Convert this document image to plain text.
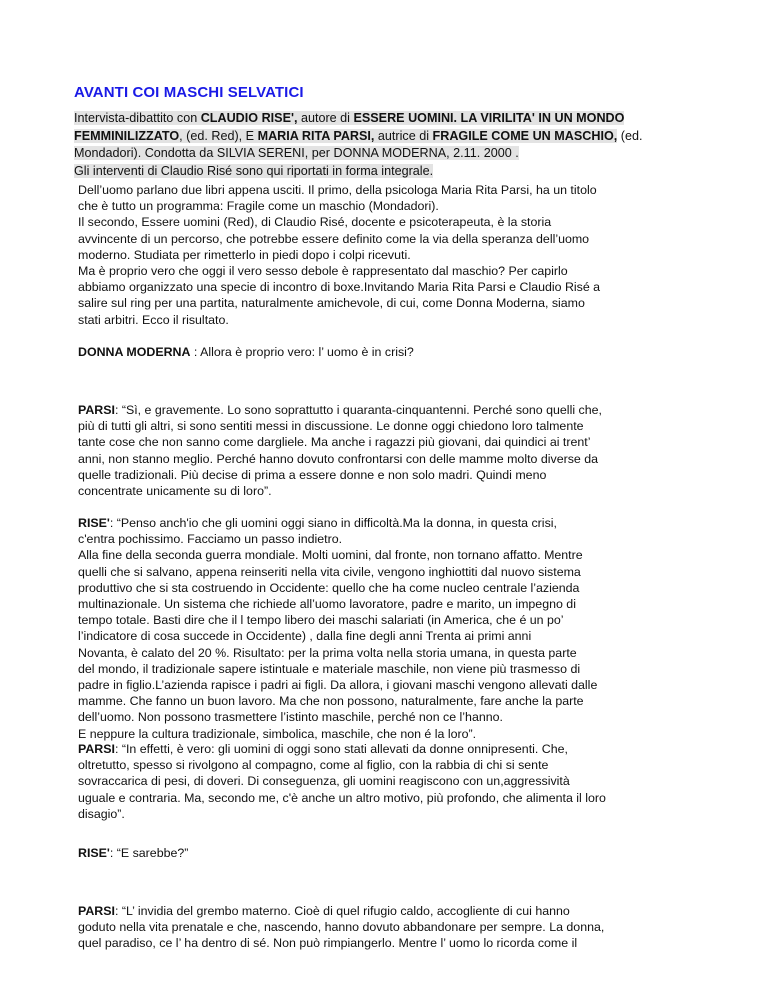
AVANTI COI MASCHI SELVATICI
Intervista-dibattito con CLAUDIO RISE', autore di ESSERE UOMINI. LA VIRILITA' IN UN MONDO
FEMMINILIZZATO, (ed. Red), E MARIA RITA PARSI, autrice di FRAGILE COME UN MASCHIO, (ed.
Mondadori). Condotta da SILVIA SERENI, per DONNA MODERNA, 2.11. 2000 .
Gli interventi di Claudio Risé sono qui riportati in forma integrale.
Dell’uomo parlano due libri appena usciti. Il primo, della psicologa Maria Rita Parsi, ha un titolo
che è tutto un programma: Fragile come un maschio (Mondadori).
Il secondo, Essere uomini (Red), di Claudio Risé, docente e psicoterapeuta, è la storia
avvincente di un percorso, che potrebbe essere definito come la via della speranza dell’uomo
moderno. Studiata per rimetterlo in piedi dopo i colpi ricevuti.
Ma è proprio vero che oggi il vero sesso debole è rappresentato dal maschio? Per capirlo
abbiamo organizzato una specie di incontro di boxe.Invitando Maria Rita Parsi e Claudio Risé a
salire sul ring per una partita, naturalmente amichevole, di cui, come Donna Moderna, siamo
stati arbitri. Ecco il risultato.
DONNA MODERNA : Allora è proprio vero: l’ uomo è in crisi?
PARSI: “Sì, e gravemente. Lo sono soprattutto i quaranta-cinquantenni. Perché sono quelli che,
più di tutti gli altri, si sono sentiti messi in discussione. Le donne oggi chiedono loro talmente
tante cose che non sanno come dargliele. Ma anche i ragazzi più giovani, dai quindici ai trent’
anni, non stanno meglio. Perché hanno dovuto confrontarsi con delle mamme molto diverse da
quelle tradizionali. Più decise di prima a essere donne e non solo madri. Quindi meno
concentrate unicamente su di loro”.
RISE': “Penso anch'io che gli uomini oggi siano in difficoltà.Ma la donna, in questa crisi,
c'entra pochissimo. Facciamo un passo indietro.
Alla fine della seconda guerra mondiale. Molti uomini, dal fronte, non tornano affatto. Mentre
quelli che si salvano, appena reinseriti nella vita civile, vengono inghiottiti dal nuovo sistema
produttivo che si sta costruendo in Occidente: quello che ha come nucleo centrale l’azienda
multinazionale. Un sistema che richiede all’uomo lavoratore, padre e marito, un impegno di
tempo totale. Basti dire che il l tempo libero dei maschi salariati (in America, che é un po’
l’indicatore di cosa succede in Occidente) , dalla fine degli anni Trenta ai primi anni
Novanta, è calato del 20 %. Risultato: per la prima volta nella storia umana, in questa parte
del mondo, il tradizionale sapere istintuale e materiale maschile, non viene più trasmesso di
padre in figlio.L’azienda rapisce i padri ai figli. Da allora, i giovani maschi vengono allevati dalle
mamme. Che fanno un buon lavoro. Ma che non possono, naturalmente, fare anche la parte
dell’uomo. Non possono trasmettere l’istinto maschile, perché non ce l’hanno.
E neppure la cultura tradizionale, simbolica, maschile, che non é la loro”.
PARSI: “In effetti, è vero: gli uomini di oggi sono stati allevati da donne onnipresenti. Che,
oltretutto, spesso si rivolgono al compagno, come al figlio, con la rabbia di chi si sente
sovraccarica di pesi, di doveri. Di conseguenza, gli uomini reagiscono con un,aggressività
uguale e contraria. Ma, secondo me, c'è anche un altro motivo, più profondo, che alimenta il loro
disagio”.
RISE': “E sarebbe?”
PARSI: “L’ invidia del grembo materno. Cioè di quel rifugio caldo, accogliente di cui hanno
goduto nella vita prenatale e che, nascendo, hanno dovuto abbandonare per sempre. La donna,
quel paradiso, ce l’ ha dentro di sé. Non può rimpiangerlo. Mentre l’ uomo lo ricorda come il
